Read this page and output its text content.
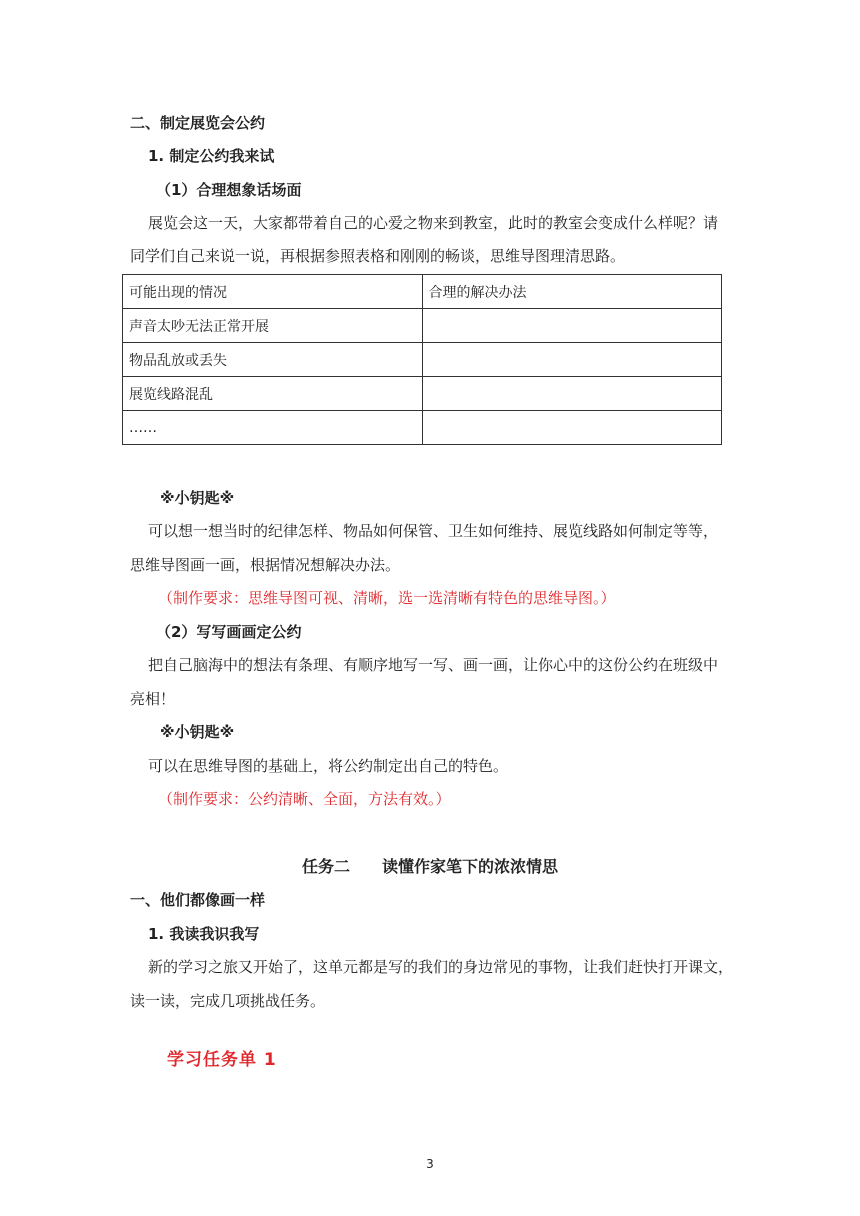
二、制定展览会公约
1. 制定公约我来试
（1）合理想象话场面
展览会这一天，大家都带着自己的心爱之物来到教室，此时的教室会变成什么样呢？请
同学们自己来说一说，再根据参照表格和刚刚的畅谈，思维导图理清思路。
可能出现的情况	合理的解决办法
声音太吵无法正常开展	
物品乱放或丢失	
展览线路混乱	
……	
※小钥匙※
可以想一想当时的纪律怎样、物品如何保管、卫生如何维持、展览线路如何制定等等，
思维导图画一画，根据情况想解决办法。
（制作要求：思维导图可视、清晰，选一选清晰有特色的思维导图。）
（2）写写画画定公约
把自己脑海中的想法有条理、有顺序地写一写、画一画，让你心中的这份公约在班级中
亮相！
※小钥匙※
可以在思维导图的基础上，将公约制定出自己的特色。
（制作要求：公约清晰、全面，方法有效。）
任务二　　读懂作家笔下的浓浓情思
一、他们都像画一样
1. 我读我识我写
新的学习之旅又开始了，这单元都是写的我们的身边常见的事物，让我们赶快打开课文，
读一读，完成几项挑战任务。
学习任务单 1
3
